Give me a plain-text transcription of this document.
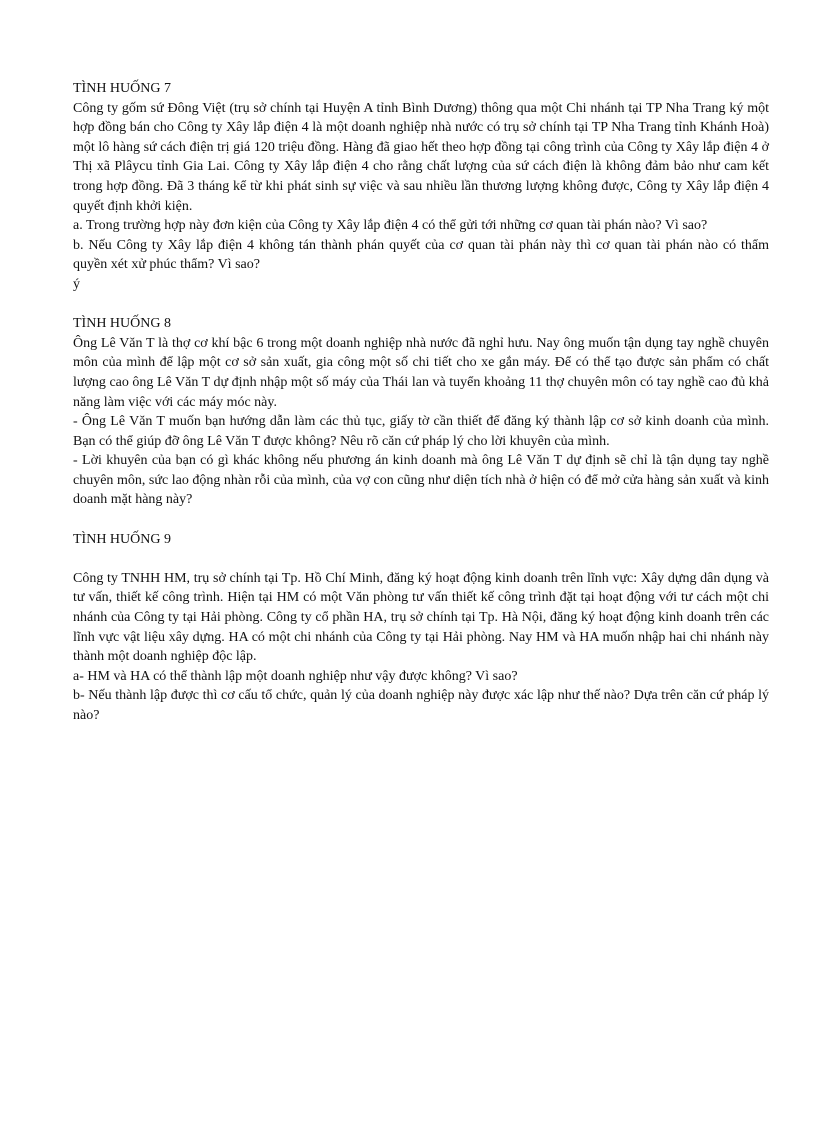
TÌNH HUỐNG 7

Công ty gốm sứ Đông Việt (trụ sở chính tại Huyện A tỉnh Bình Dương) thông qua một Chi nhánh tại TP Nha Trang ký một hợp đồng bán cho Công ty Xây lắp điện 4 là một doanh nghiệp nhà nước có trụ sở chính tại TP Nha Trang tỉnh Khánh Hoà) một lô hàng sứ cách điện trị giá 120 triệu đồng. Hàng đã giao hết theo hợp đồng tại công trình của Công ty Xây lắp điện 4 ở Thị xã Plâycu tỉnh Gia Lai. Công ty Xây lắp điện 4 cho rằng chất lượng của sứ cách điện là không đảm bảo như cam kết trong hợp đồng. Đã 3 tháng kể từ khi phát sinh sự việc và sau nhiều lần thương lượng không được, Công ty Xây lắp điện 4 quyết định khởi kiện.

a. Trong trường hợp này đơn kiện của Công ty Xây lắp điện 4 có thể gửi tới những cơ quan tài phán nào? Vì sao?

b. Nếu Công ty Xây lắp điện 4 không tán thành phán quyết của cơ quan tài phán này thì cơ quan tài phán nào có thẩm quyền xét xử phúc thẩm? Vì sao?

ý

TÌNH HUỐNG 8

Ông Lê Văn T là thợ cơ khí bậc 6 trong một doanh nghiệp nhà nước đã nghỉ hưu. Nay ông muốn tận dụng tay nghề chuyên môn của mình để lập một cơ sở sản xuất, gia công một số chi tiết cho xe gắn máy. Để có thể tạo được sản phẩm có chất lượng cao ông Lê Văn T dự định nhập một số máy của Thái lan và tuyển khoảng 11 thợ chuyên môn có tay nghề cao đủ khả năng làm việc với các máy móc này.

- Ông Lê Văn T muốn bạn hướng dẫn làm các thủ tục, giấy tờ cần thiết để đăng ký thành lập cơ sở kinh doanh của mình. Bạn có thể giúp đỡ ông Lê Văn T được không? Nêu rõ căn cứ pháp lý cho lời khuyên của mình.

- Lời khuyên của bạn có gì khác không nếu phương án kinh doanh mà ông Lê Văn T dự định sẽ chỉ là tận dụng tay nghề chuyên môn, sức lao động nhàn rỗi của mình, của vợ con cũng như diện tích nhà ở hiện có để mở cửa hàng sản xuất và kinh doanh mặt hàng này?

TÌNH HUỐNG 9

Công ty TNHH HM, trụ sở chính tại Tp. Hồ Chí Minh, đăng ký hoạt động kinh doanh trên lĩnh vực: Xây dựng dân dụng và tư vấn, thiết kế công trình. Hiện tại HM có một Văn phòng tư vấn thiết kế công trình đặt tại hoạt động với tư cách một chi nhánh của Công ty tại Hải phòng. Công ty cổ phần HA, trụ sở chính tại Tp. Hà Nội, đăng ký hoạt động kinh doanh trên các lĩnh vực vật liệu xây dựng. HA có một chi nhánh của Công ty tại Hải phòng. Nay HM và HA muốn nhập hai chi nhánh này thành một doanh nghiệp độc lập.

a- HM và HA có thể thành lập một doanh nghiệp như vậy được không? Vì sao?

b- Nếu thành lập được thì cơ cấu tổ chức, quản lý của doanh nghiệp này được xác lập như thế nào? Dựa trên căn cứ pháp lý nào?
